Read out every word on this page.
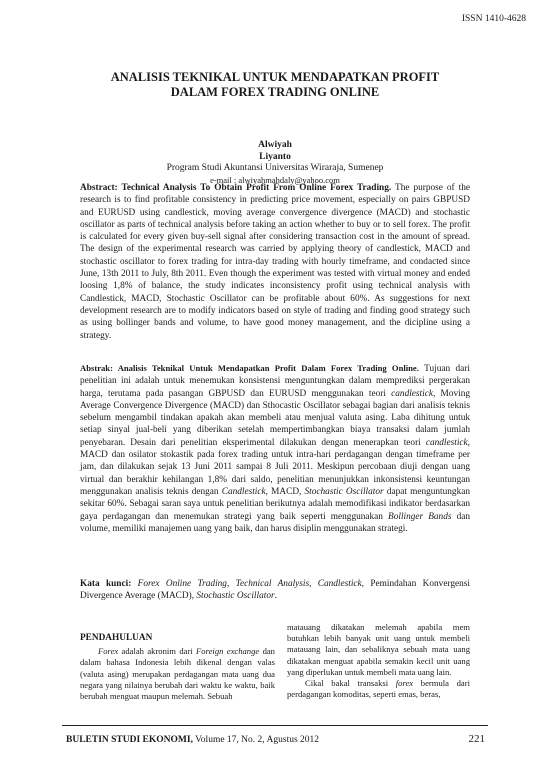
ISSN 1410-4628
ANALISIS TEKNIKAL UNTUK MENDAPATKAN PROFIT
DALAM FOREX TRADING ONLINE
Alwiyah
Liyanto
Program Studi Akuntansi Universitas Wiraraja, Sumenep
e-mail : alwiyahmahdaly@yahoo.com
Abstract: Technical Analysis To Obtain Profit From Online Forex Trading. The purpose of the research is to find profitable consistency in predicting price movement, especially on pairs GBPUSD and EURUSD using candlestick, moving average convergence divergence (MACD) and stochastic oscillator as parts of technical analysis before taking an action whether to buy or to sell forex. The profit is calculated for every given buy-sell signal after considering transaction cost in the amount of spread. The design of the experimental research was carried by applying theory of candlestick, MACD and stochastic oscillator to forex trading for intra-day trading with hourly timeframe, and condacted since June, 13th 2011 to July, 8th 2011. Even though the experiment was tested with virtual money and ended loosing 1,8% of balance, the study indicates inconsistency profit using technical analysis with Candlestick, MACD, Stochastic Oscillator can be profitable about 60%. As suggestions for next development research are to modify indicators based on style of trading and finding good strategy such as using bollinger bands and volume, to have good money management, and the dicipline using a strategy.
Abstrak: Analisis Teknikal Untuk Mendapatkan Profit Dalam Forex Trading Online. Tujuan dari penelitian ini adalah untuk menemukan konsistensi menguntungkan dalam memprediksi pergerakan harga, terutama pada pasangan GBPUSD dan EURUSD menggunakan teori candlestick, Moving Average Convergence Divergence (MACD) dan Sthocastic Oscillator sebagai bagian dari analisis teknis sebelum mengambil tindakan apakah akan membeli atau menjual valuta asing. Laba dihitung untuk setiap sinyal jual-beli yang diberikan setelah mempertimbangkan biaya transaksi dalam jumlah penyebaran. Desain dari penelitian eksperimental dilakukan dengan menerapkan teori candlestick, MACD dan osilator stokastik pada forex trading untuk intra-hari perdagangan dengan timeframe per jam, dan dilakukan sejak 13 Juni 2011 sampai 8 Juli 2011. Meskipun percobaan diuji dengan uang virtual dan berakhir kehilangan 1,8% dari saldo, penelitian menunjukkan inkonsistensi keuntungan menggunakan analisis teknis dengan Candlestick, MACD, Stochastic Oscillator dapat menguntungkan sekitar 60%. Sebagai saran saya untuk penelitian berikutnya adalah memodifikasi indikator berdasarkan gaya perdagangan dan menemukan strategi yang baik seperti menggunakan Bollinger Bands dan volume, memiliki manajemen uang yang baik, dan harus disiplin menggunakan strategi.
Kata kunci: Forex Online Trading, Technical Analysis, Candlestick, Pemindahan Konvergensi Divergence Average (MACD), Stochastic Oscillator.
PENDAHULUAN

Forex adalah akronim dari Foreign exchange dan dalam bahasa Indonesia lebih dikenal dengan valas (valuta asing) merupakan perdagangan mata uang dua negara yang nilainya berubah dari waktu ke waktu, baik berubah menguat maupun melemah. Sebuah

matauang dikatakan melemah apabila mem butuhkan lebih banyak unit uang untuk membeli matauang lain, dan sebaliknya sebuah mata uang dikatakan menguat apabila semakin kecil unit uang yang diperlukan untuk membeli mata uang lain.

Cikal bakal transaksi forex bermula dari perdagangan komoditas, seperti emas, beras,

BULETIN STUDI EKONOMI, Volume 17, No. 2, Agustus 2012	221
